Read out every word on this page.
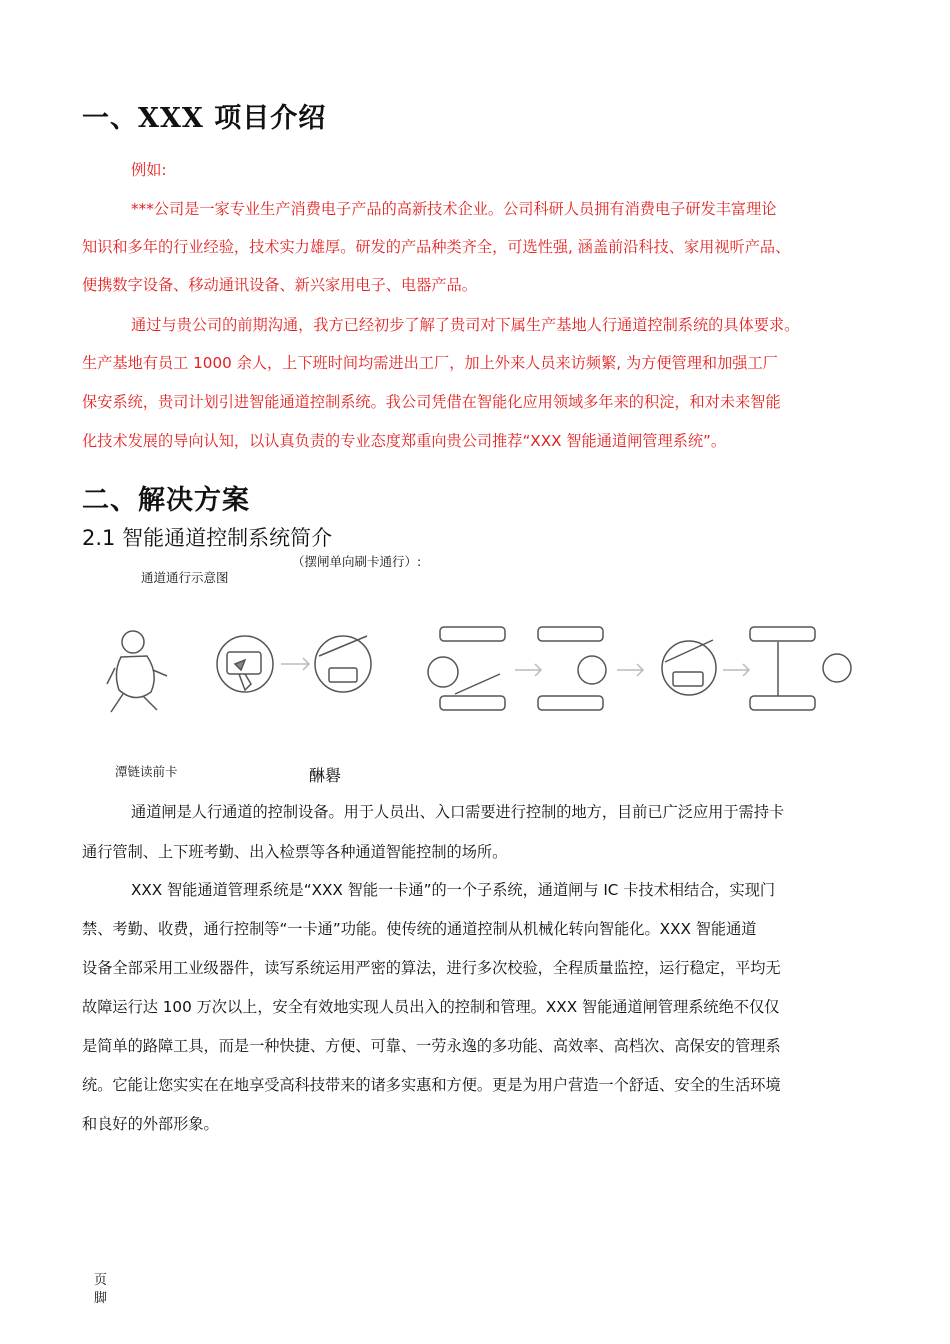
一、XXX 项目介绍
例如:
***公司是一家专业生产消费电子产品的高新技术企业。公司科研人员拥有消费电子研发丰富理论
知识和多年的行业经验，技术实力雄厚。研发的产品种类齐全，可选性强, 涵盖前沿科技、家用视听产品、
便携数字设备、移动通讯设备、新兴家用电子、电器产品。
通过与贵公司的前期沟通，我方已经初步了解了贵司对下属生产基地人行通道控制系统的具体要求。
生产基地有员工 1000 余人，上下班时间均需进出工厂，加上外来人员来访频繁, 为方便管理和加强工厂
保安系统，贵司计划引进智能通道控制系统。我公司凭借在智能化应用领域多年来的积淀，和对未来智能
化技术发展的导向认知，以认真负责的专业态度郑重向贵公司推荐“XXX 智能通道闸管理系统”。
二、解决方案
2.1 智能通道控制系统简介
通道通行示意图
（摆闸单向刷卡通行）:
潭链读前卡	醂礜
通道闸是人行通道的控制设备。用于人员出、入口需要进行控制的地方，目前已广泛应用于需持卡
通行管制、上下班考勤、出入检票等各种通道智能控制的场所。
XXX 智能通道管理系统是“XXX 智能一卡通”的一个子系统，通道闸与 IC 卡技术相结合，实现门
禁、考勤、收费，通行控制等“一卡通”功能。使传统的通道控制从机械化转向智能化。XXX 智能通道
设备全部采用工业级器件，读写系统运用严密的算法，进行多次校验，全程质量监控，运行稳定，平均无
故障运行达 100 万次以上，安全有效地实现人员出入的控制和管理。XXX 智能通道闸管理系统绝不仅仅
是简单的路障工具，而是一种快捷、方便、可靠、一劳永逸的多功能、高效率、高档次、高保安的管理系
统。它能让您实实在在地享受高科技带来的诸多实惠和方便。更是为用户营造一个舒适、安全的生活环境
和良好的外部形象。
页
脚
